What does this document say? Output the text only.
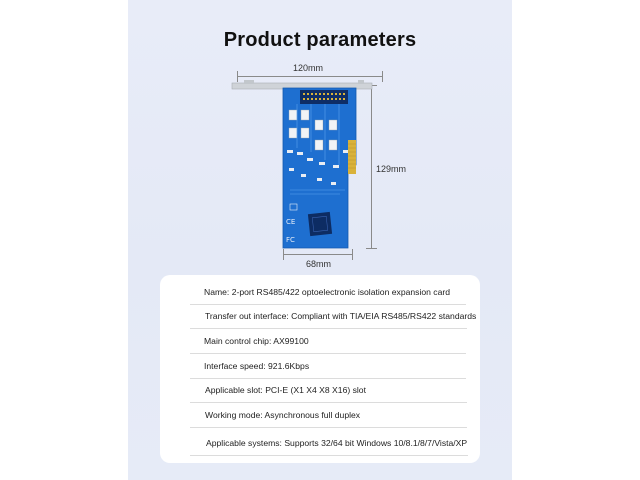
Product parameters
120mm
129mm
68mm
CE
FC
Name: 2-port RS485/422 optoelectronic isolation expansion card
Transfer out interface: Compliant with TIA/EIA RS485/RS422 standards
Main control chip: AX99100
Interface speed: 921.6Kbps
Applicable slot: PCI-E (X1 X4 X8 X16) slot
Working mode: Asynchronous full duplex
Applicable systems: Supports 32/64 bit Windows 10/8.1/8/7/Vista/XP
